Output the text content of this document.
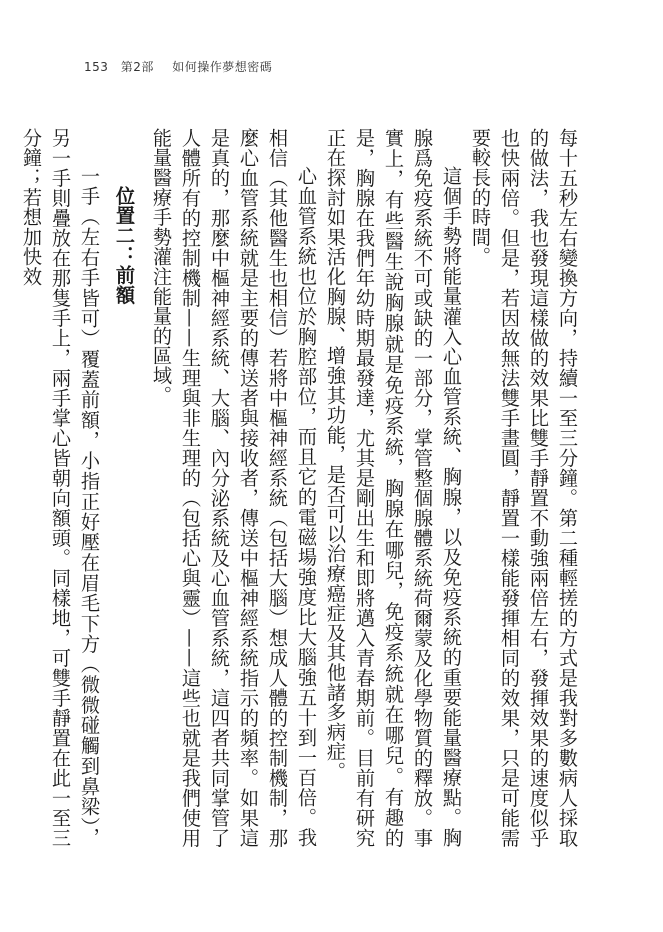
153 第2部 如何操作夢想密碼

每十五秒左右變換方向，持續一至三分鐘。第二種輕搓的方式是我對多數病人採取的做法，我也發現這樣做的效果比雙手靜置不動強兩倍左右，發揮效果的速度似乎也快兩倍。但是，若因故無法雙手畫圓，靜置一樣能發揮相同的效果，只是可能需要較長的時間。

這個手勢將能量灌入心血管系統、胸腺，以及免疫系統的重要能量醫療點。胸腺爲免疫系統不可或缺的一部分，掌管整個腺體系統荷爾蒙及化學物質的釋放。事實上，有些醫生說胸腺就是免疫系統，胸腺在哪兒，免疫系統就在哪兒。有趣的是，胸腺在我們年幼時期最發達，尤其是剛出生和即將邁入青春期前。目前有研究正在探討如果活化胸腺、增強其功能，是否可以治療癌症及其他諸多病症。

心血管系統也位於胸腔部位，而且它的電磁場強度比大腦強五十到一百倍。我相信（其他醫生也相信）若將中樞神經系統（包括大腦）想成人體的控制機制，那麼心血管系統就是主要的傳送者與接收者，傳送中樞神經系統指示的頻率。如果這是真的，那麼中樞神經系統、大腦、內分泌系統及心血管系統，這四者共同掌管了人體所有的控制機制——生理與非生理的（包括心與靈）——這些也就是我們使用能量醫療手勢灌注能量的區域。

位置二：前額

一手（左右手皆可）覆蓋前額，小指正好壓在眉毛下方（微微碰觸到鼻梁），另一手則疊放在那隻手上，兩手掌心皆朝向額頭。同樣地，可雙手靜置在此一至三分鐘；若想加快效
